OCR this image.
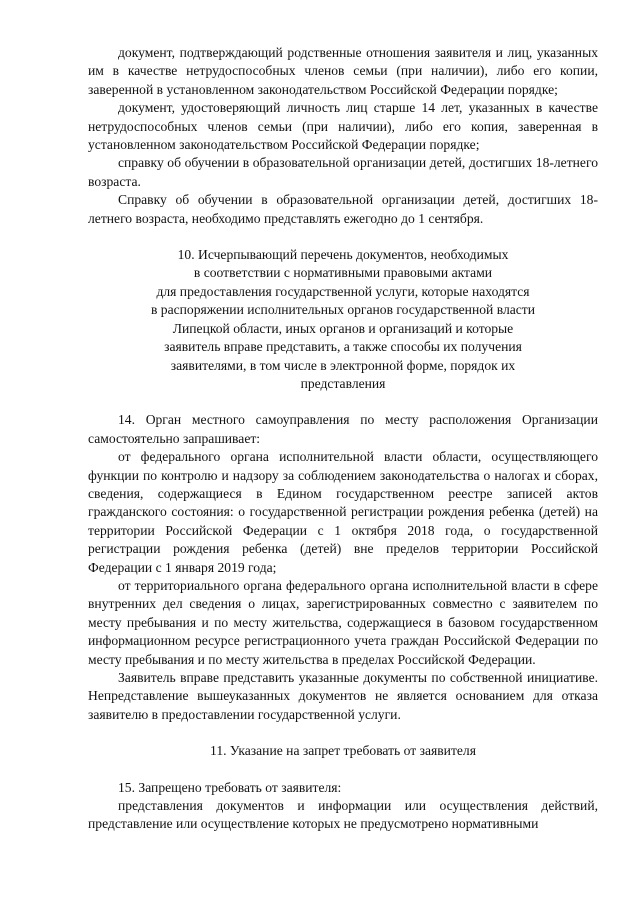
документ, подтверждающий родственные отношения заявителя и лиц, указанных им в качестве нетрудоспособных членов семьи (при наличии), либо его копии, заверенной в установленном законодательством Российской Федерации порядке;

документ, удостоверяющий личность лиц старше 14 лет, указанных в качестве нетрудоспособных членов семьи (при наличии), либо его копия, заверенная в установленном законодательством Российской Федерации порядке;

справку об обучении в образовательной организации детей, достигших 18-летнего возраста.

Справку об обучении в образовательной организации детей, достигших 18-летнего возраста, необходимо представлять ежегодно до 1 сентября.

10. Исчерпывающий перечень документов, необходимых
в соответствии с нормативными правовыми актами
для предоставления государственной услуги, которые находятся
в распоряжении исполнительных органов государственной власти
Липецкой области, иных органов и организаций и которые
заявитель вправе представить, а также способы их получения
заявителями, в том числе в электронной форме, порядок их
представления

14. Орган местного самоуправления по месту расположения Организации самостоятельно запрашивает:

от федерального органа исполнительной власти области, осуществляющего функции по контролю и надзору за соблюдением законодательства о налогах и сборах, сведения, содержащиеся в Едином государственном реестре записей актов гражданского состояния: о государственной регистрации рождения ребенка (детей) на территории Российской Федерации с 1 октября 2018 года, о государственной регистрации рождения ребенка (детей) вне пределов территории Российской Федерации с 1 января 2019 года;

от территориального органа федерального органа исполнительной власти в сфере внутренних дел сведения о лицах, зарегистрированных совместно с заявителем по месту пребывания и по месту жительства, содержащиеся в базовом государственном информационном ресурсе регистрационного учета граждан Российской Федерации по месту пребывания и по месту жительства в пределах Российской Федерации.

Заявитель вправе представить указанные документы по собственной инициативе. Непредставление вышеуказанных документов не является основанием для отказа заявителю в предоставлении государственной услуги.

11. Указание на запрет требовать от заявителя

15. Запрещено требовать от заявителя:

представления документов и информации или осуществления действий, представление или осуществление которых не предусмотрено нормативными
